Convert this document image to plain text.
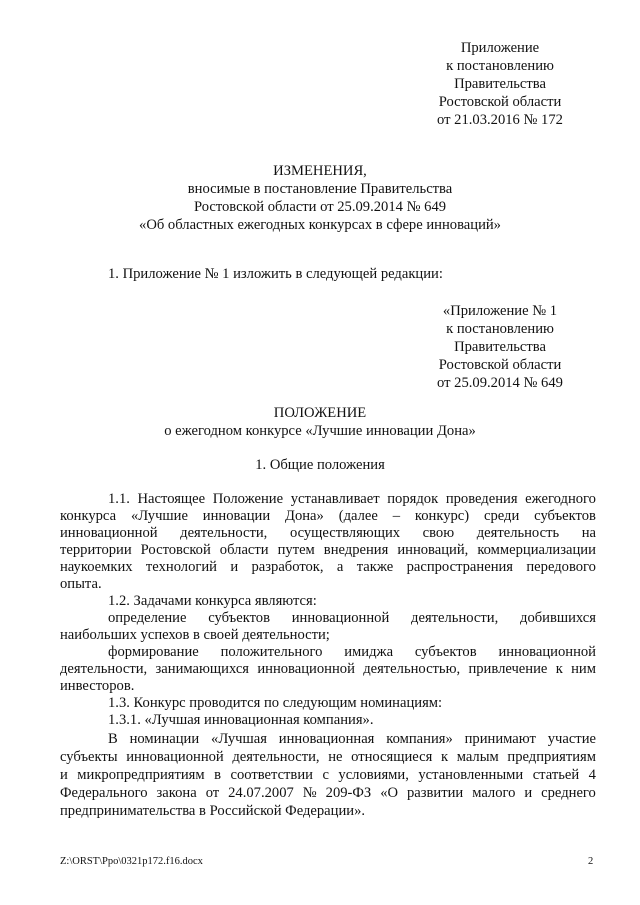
Приложение
к постановлению
Правительства
Ростовской области
от 21.03.2016 № 172
ИЗМЕНЕНИЯ,
вносимые в постановление Правительства
Ростовской области от 25.09.2014 № 649
«Об областных ежегодных конкурсах в сфере инноваций»
1. Приложение № 1 изложить в следующей редакции:
«Приложение № 1
к постановлению
Правительства
Ростовской области
от 25.09.2014 № 649
ПОЛОЖЕНИЕ
о ежегодном конкурсе «Лучшие инновации Дона»
1. Общие положения
1.1. Настоящее Положение устанавливает порядок проведения ежегодного
конкурса «Лучшие инновации Дона» (далее – конкурс) среди субъектов
инновационной деятельности, осуществляющих свою деятельность на
территории Ростовской области путем внедрения инноваций, коммерциализации
наукоемких технологий и разработок, а также распространения передового
опыта.
1.2. Задачами конкурса являются:
определение субъектов инновационной деятельности, добившихся
наибольших успехов в своей деятельности;
формирование положительного имиджа субъектов инновационной
деятельности, занимающихся инновационной деятельностью, привлечение к ним
инвесторов.
1.3. Конкурс проводится по следующим номинациям:
1.3.1. «Лучшая инновационная компания».
В номинации «Лучшая инновационная компания» принимают участие
субъекты инновационной деятельности, не относящиеся к малым предприятиям
и микропредприятиям в соответствии с условиями, установленными статьей 4
Федерального закона от 24.07.2007 № 209-ФЗ «О развитии малого и среднего
предпринимательства в Российской Федерации».
Z:\ORST\Ppo\0321p172.f16.docx	2
